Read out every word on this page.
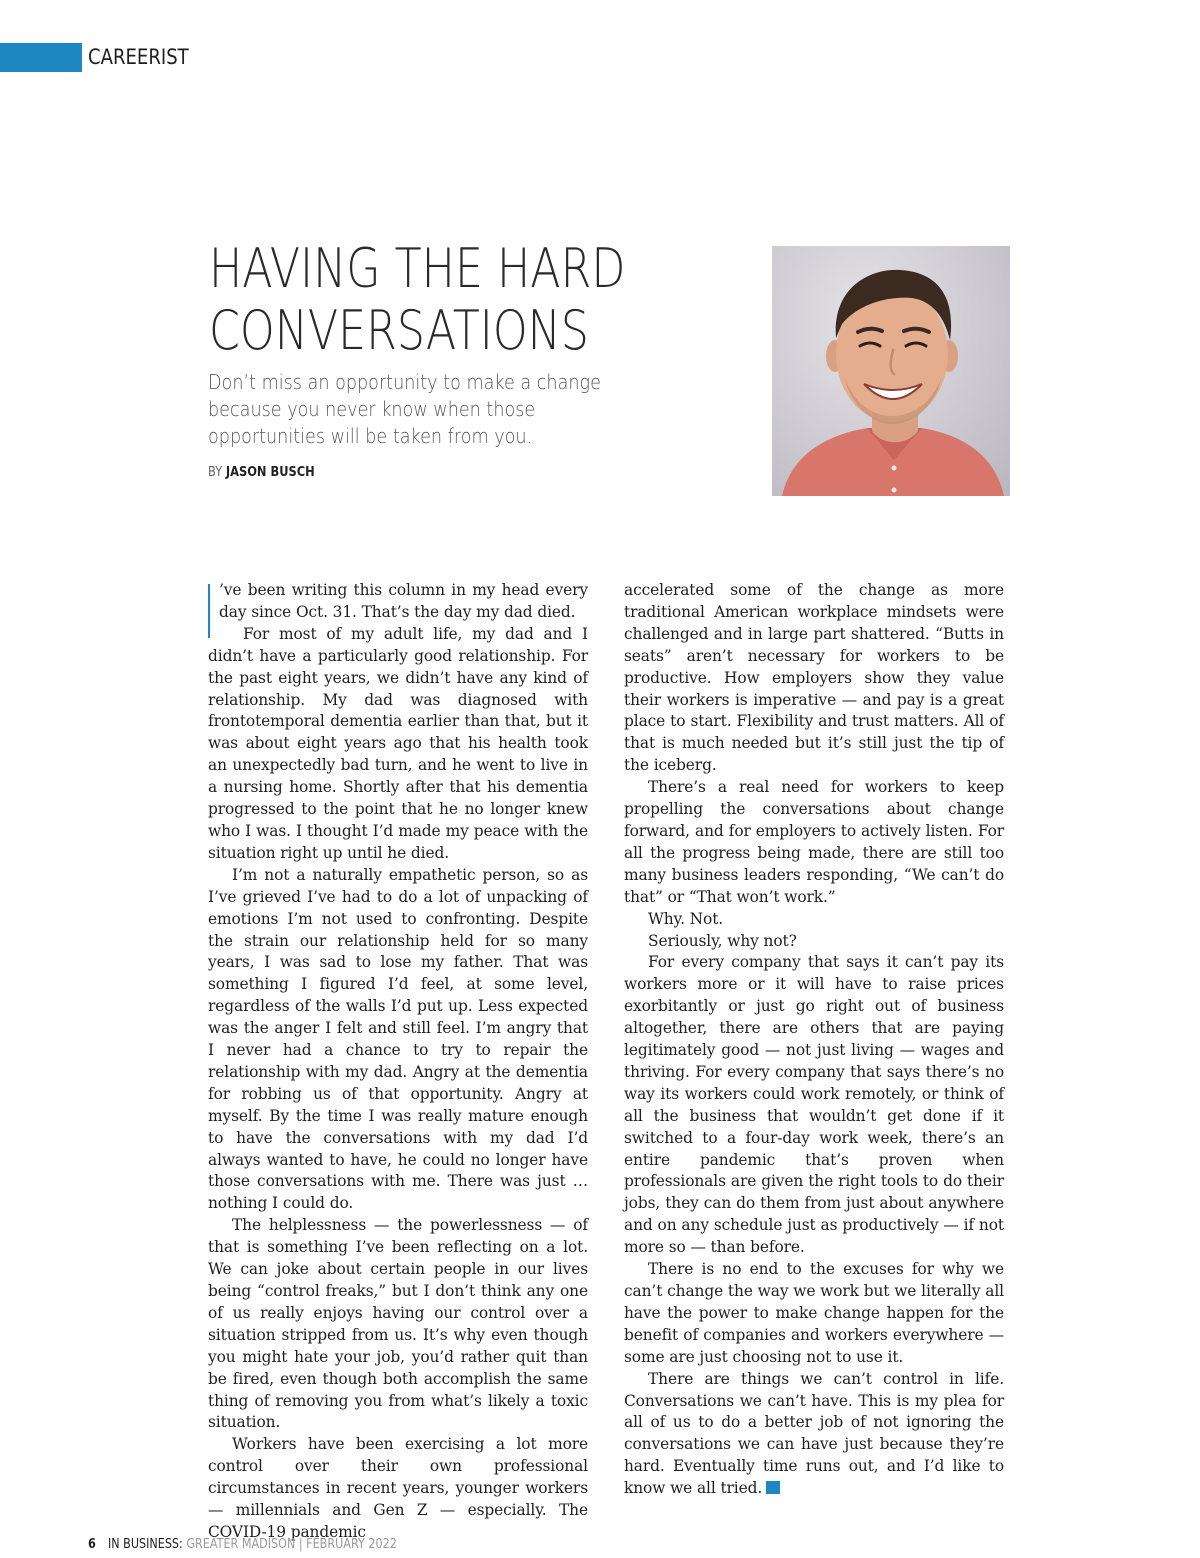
CAREERIST
HAVING THE HARD
CONVERSATIONS

Don’t miss an opportunity to make a change because you never know when those opportunities will be taken from you.

BY JASON BUSCH

’ve been writing this column in my head every day since Oct. 31. That’s the day my dad died.

For most of my adult life, my dad and I didn’t have a particularly good relationship. For the past eight years, we didn’t have any kind of relationship. My dad was diagnosed with frontotemporal dementia earlier than that, but it was about eight years ago that his health took an unexpectedly bad turn, and he went to live in a nursing home. Shortly after that his dementia progressed to the point that he no longer knew who I was. I thought I’d made my peace with the situation right up until he died.

I’m not a naturally empathetic person, so as I’ve grieved I’ve had to do a lot of unpacking of emotions I’m not used to confronting. Despite the strain our relationship held for so many years, I was sad to lose my father. That was something I figured I’d feel, at some level, regardless of the walls I’d put up. Less expected was the anger I felt and still feel. I’m angry that I never had a chance to try to repair the relationship with my dad. Angry at the dementia for robbing us of that opportunity. Angry at myself. By the time I was really mature enough to have the conversations with my dad I’d always wanted to have, he could no longer have those conversations with me. There was just … nothing I could do.

The helplessness — the powerlessness — of that is something I’ve been reflecting on a lot. We can joke about certain people in our lives being “control freaks,” but I don’t think any one of us really enjoys having our control over a situation stripped from us. It’s why even though you might hate your job, you’d rather quit than be fired, even though both accomplish the same thing of removing you from what’s likely a toxic situation.

Workers have been exercising a lot more control over their own professional circumstances in recent years, younger workers — millennials and Gen Z — especially. The COVID-19 pandemic

accelerated some of the change as more traditional American workplace mindsets were challenged and in large part shattered. “Butts in seats” aren’t necessary for workers to be productive. How employers show they value their workers is imperative — and pay is a great place to start. Flexibility and trust matters. All of that is much needed but it’s still just the tip of the iceberg.

There’s a real need for workers to keep propelling the conversations about change forward, and for employers to actively listen. For all the progress being made, there are still too many business leaders responding, “We can’t do that” or “That won’t work.”

Why. Not.

Seriously, why not?

For every company that says it can’t pay its workers more or it will have to raise prices exorbitantly or just go right out of business altogether, there are others that are paying legitimately good — not just living — wages and thriving. For every company that says there’s no way its workers could work remotely, or think of all the business that wouldn’t get done if it switched to a four-day work week, there’s an entire pandemic that’s proven when professionals are given the right tools to do their jobs, they can do them from just about anywhere and on any schedule just as productively — if not more so — than before.

There is no end to the excuses for why we can’t change the way we work but we literally all have the power to make change happen for the benefit of companies and workers everywhere — some are just choosing not to use it.

There are things we can’t control in life. Conversations we can’t have. This is my plea for all of us to do a better job of not ignoring the conversations we can have just because they’re hard. Eventually time runs out, and I’d like to know we all tried.	IB

6 IN BUSINESS: GREATER MADISON | FEBRUARY 2022
